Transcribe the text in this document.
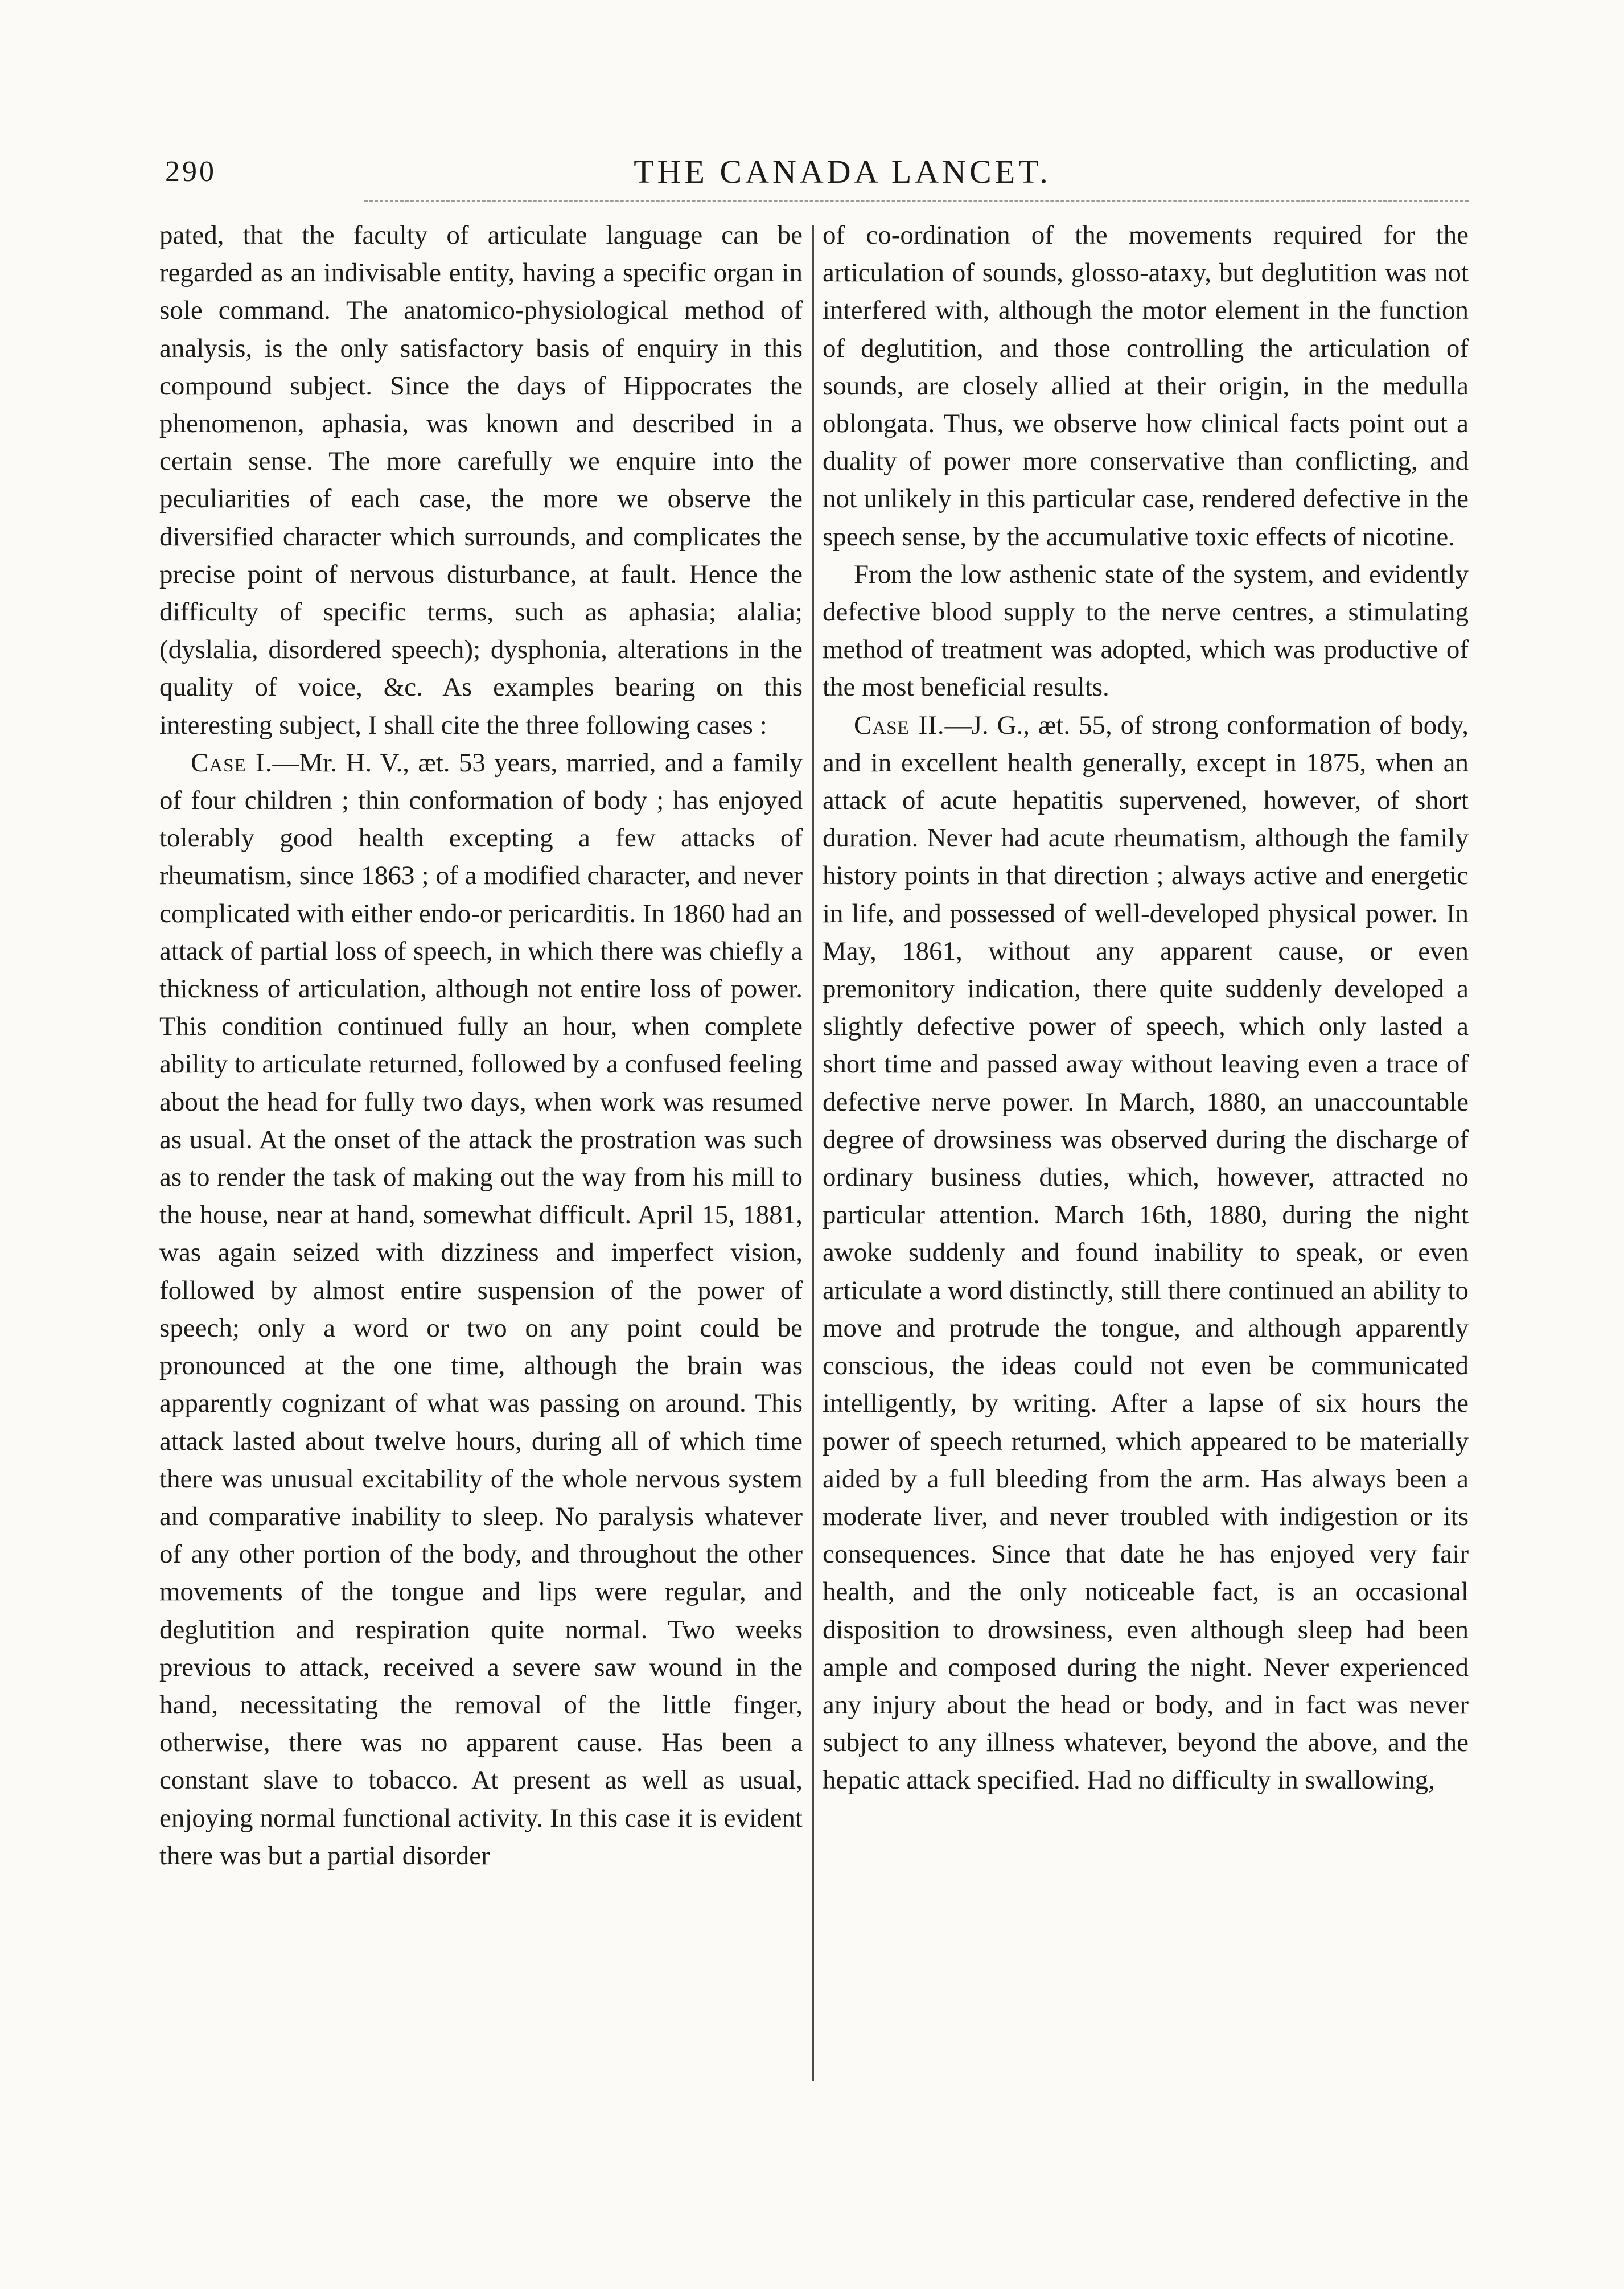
290	THE CANADA LANCET.

pated, that the faculty of articulate language can be regarded as an indivisable entity, having a specific organ in sole command. The anatomico-physiological method of analysis, is the only satisfactory basis of enquiry in this compound subject. Since the days of Hippocrates the phenomenon, aphasia, was known and described in a certain sense. The more carefully we enquire into the peculiarities of each case, the more we observe the diversified character which surrounds, and complicates the precise point of nervous disturbance, at fault. Hence the difficulty of specific terms, such as aphasia; alalia; (dyslalia, disordered speech); dysphonia, alterations in the quality of voice, &c. As examples bearing on this interesting subject, I shall cite the three following cases :

Case I.—Mr. H. V., æt. 53 years, married, and a family of four children ; thin conformation of body ; has enjoyed tolerably good health excepting a few attacks of rheumatism, since 1863 ; of a modified character, and never complicated with either endo-or pericarditis. In 1860 had an attack of partial loss of speech, in which there was chiefly a thickness of articulation, although not entire loss of power. This condition continued fully an hour, when complete ability to articulate returned, followed by a confused feeling about the head for fully two days, when work was resumed as usual. At the onset of the attack the prostration was such as to render the task of making out the way from his mill to the house, near at hand, somewhat difficult. April 15, 1881, was again seized with dizziness and imperfect vision, followed by almost entire suspension of the power of speech; only a word or two on any point could be pronounced at the one time, although the brain was apparently cognizant of what was passing on around. This attack lasted about twelve hours, during all of which time there was unusual excitability of the whole nervous system and comparative inability to sleep. No paralysis whatever of any other portion of the body, and throughout the other movements of the tongue and lips were regular, and deglutition and respiration quite normal. Two weeks previous to attack, received a severe saw wound in the hand, necessitating the removal of the little finger, otherwise, there was no apparent cause. Has been a constant slave to tobacco. At present as well as usual, enjoying normal functional activity. In this case it is evident there was but a partial disorder

of co-ordination of the movements required for the articulation of sounds, glosso-ataxy, but deglutition was not interfered with, although the motor element in the function of deglutition, and those controlling the articulation of sounds, are closely allied at their origin, in the medulla oblongata. Thus, we observe how clinical facts point out a duality of power more conservative than conflicting, and not unlikely in this particular case, rendered defective in the speech sense, by the accumulative toxic effects of nicotine.

From the low asthenic state of the system, and evidently defective blood supply to the nerve centres, a stimulating method of treatment was adopted, which was productive of the most beneficial results.

Case II.—J. G., æt. 55, of strong conformation of body, and in excellent health generally, except in 1875, when an attack of acute hepatitis supervened, however, of short duration. Never had acute rheumatism, although the family history points in that direction ; always active and energetic in life, and possessed of well-developed physical power. In May, 1861, without any apparent cause, or even premonitory indication, there quite suddenly developed a slightly defective power of speech, which only lasted a short time and passed away without leaving even a trace of defective nerve power. In March, 1880, an unaccountable degree of drowsiness was observed during the discharge of ordinary business duties, which, however, attracted no particular attention. March 16th, 1880, during the night awoke suddenly and found inability to speak, or even articulate a word distinctly, still there continued an ability to move and protrude the tongue, and although apparently conscious, the ideas could not even be communicated intelligently, by writing. After a lapse of six hours the power of speech returned, which appeared to be materially aided by a full bleeding from the arm. Has always been a moderate liver, and never troubled with indigestion or its consequences. Since that date he has enjoyed very fair health, and the only noticeable fact, is an occasional disposition to drowsiness, even although sleep had been ample and composed during the night. Never experienced any injury about the head or body, and in fact was never subject to any illness whatever, beyond the above, and the hepatic attack specified. Had no difficulty in swallowing,
